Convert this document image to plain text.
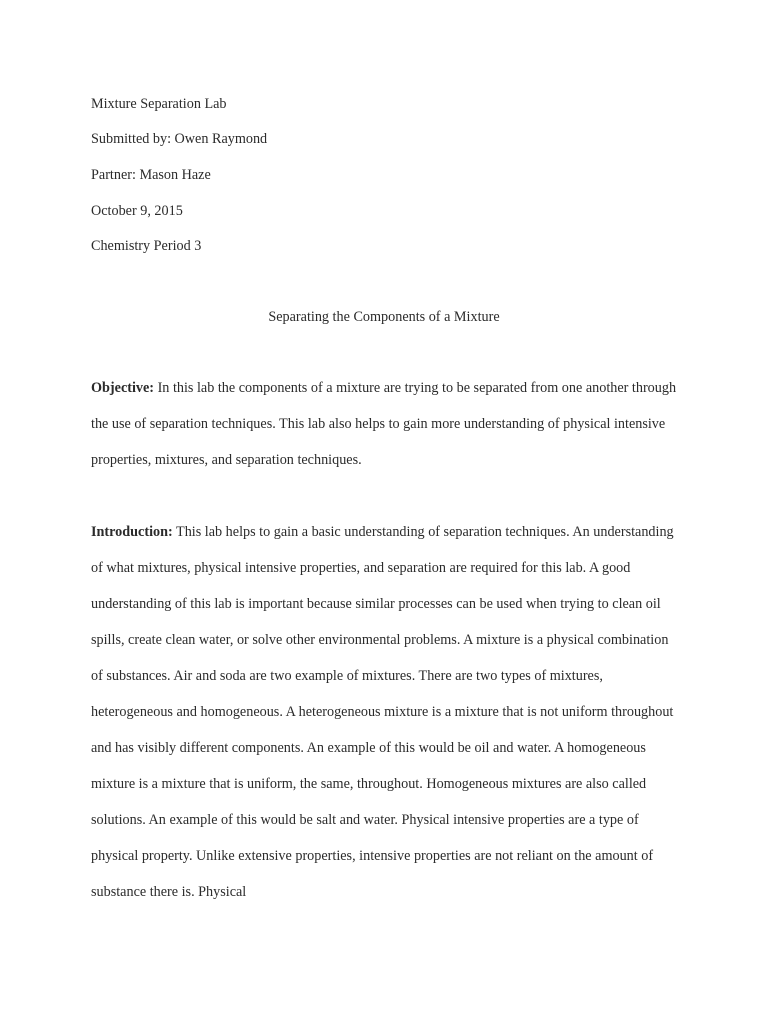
Mixture Separation Lab
Submitted by: Owen Raymond
Partner: Mason Haze
October 9, 2015
Chemistry Period 3
Separating the Components of a Mixture
Objective: In this lab the components of a mixture are trying to be separated from one another through the use of separation techniques. This lab also helps to gain more understanding of physical intensive properties, mixtures, and separation techniques.
Introduction: This lab helps to gain a basic understanding of separation techniques. An understanding of what mixtures, physical intensive properties, and separation are required for this lab. A good understanding of this lab is important because similar processes can be used when trying to clean oil spills, create clean water, or solve other environmental problems. A mixture is a physical combination of substances. Air and soda are two example of mixtures. There are two types of mixtures, heterogeneous and homogeneous. A heterogeneous mixture is a mixture that is not uniform throughout and has visibly different components. An example of this would be oil and water. A homogeneous mixture is a mixture that is uniform, the same, throughout. Homogeneous mixtures are also called solutions. An example of this would be salt and water. Physical intensive properties are a type of physical property. Unlike extensive properties, intensive properties are not reliant on the amount of substance there is. Physical
